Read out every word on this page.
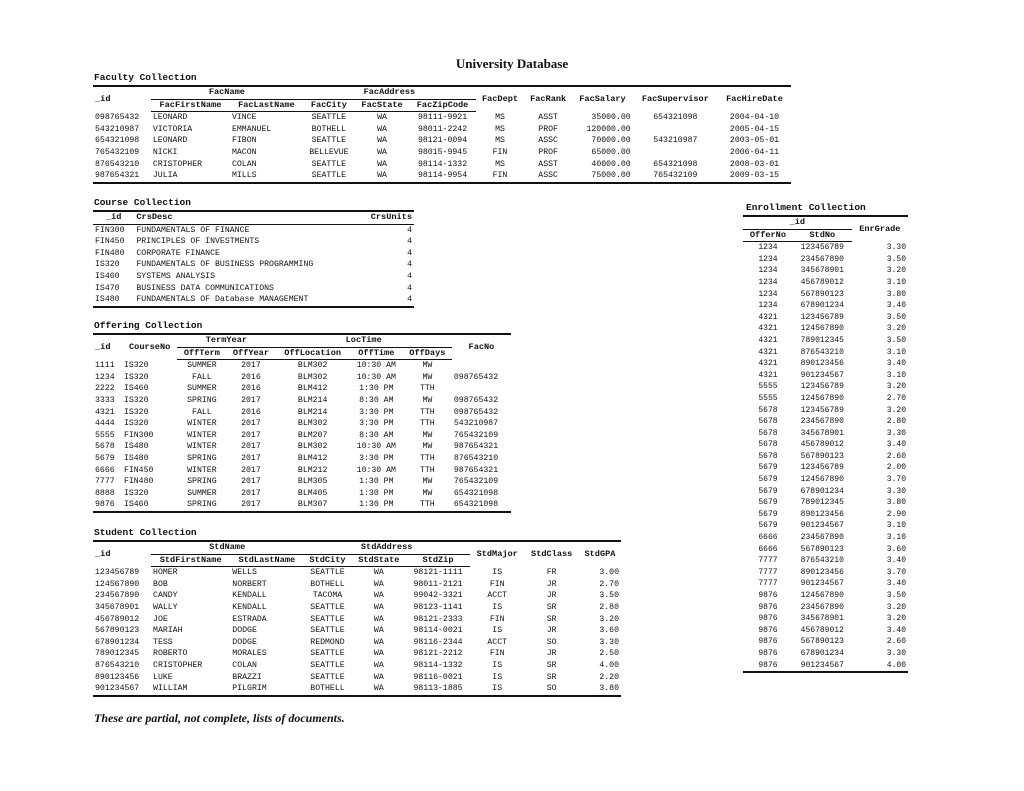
University Database
Faculty Collection
_id	FacName		FacAddress			FacDept	FacRank	FacSalary	FacSupervisor	FacHireDate
	FacFirstName	FacLastName	FacCity	FacState	FacZipCode					
098765432	LEONARD	VINCE	SEATTLE	WA	98111-9921	MS	ASST	35000.00	654321098	2004-04-10
543210987	VICTORIA	EMMANUEL	BOTHELL	WA	98011-2242	MS	PROF	120000.00		2005-04-15
654321098	LEONARD	FIBON	SEATTLE	WA	98121-0094	MS	ASSC	70000.00	543210987	2003-05-01
765432109	NICKI	MACON	BELLEVUE	WA	98015-9945	FIN	PROF	65000.00		2006-04-11
876543210	CRISTOPHER	COLAN	SEATTLE	WA	98114-1332	MS	ASST	40000.00	654321098	2008-03-01
987654321	JULIA	MILLS	SEATTLE	WA	98114-9954	FIN	ASSC	75000.00	765432109	2009-03-15
Course Collection
_id	CrsDesc	CrsUnits
FIN300	FUNDAMENTALS OF FINANCE	4
FIN450	PRINCIPLES OF INVESTMENTS	4
FIN480	CORPORATE FINANCE	4
IS320	FUNDAMENTALS OF BUSINESS PROGRAMMING	4
IS460	SYSTEMS ANALYSIS	4
IS470	BUSINESS DATA COMMUNICATIONS	4
IS480	FUNDAMENTALS OF Database MANAGEMENT	4
Offering Collection
_id	CourseNo	TermYear		LocTime			FacNo
		OffTerm	OffYear	OffLocation	OffTime	OffDays	
1111	IS320	SUMMER	2017	BLM302	10:30 AM	MW	
1234	IS320	FALL	2016	BLM302	10:30 AM	MW	098765432
2222	IS460	SUMMER	2016	BLM412	1:30 PM	TTH	
3333	IS320	SPRING	2017	BLM214	8:30 AM	MW	098765432
4321	IS320	FALL	2016	BLM214	3:30 PM	TTH	098765432
4444	IS320	WINTER	2017	BLM302	3:30 PM	TTH	543210987
5555	FIN300	WINTER	2017	BLM207	8:30 AM	MW	765432109
5678	IS480	WINTER	2017	BLM302	10:30 AM	MW	987654321
5679	IS480	SPRING	2017	BLM412	3:30 PM	TTH	876543210
6666	FIN450	WINTER	2017	BLM212	10:30 AM	TTH	987654321
7777	FIN480	SPRING	2017	BLM305	1:30 PM	MW	765432109
8888	IS320	SUMMER	2017	BLM405	1:30 PM	MW	654321098
9876	IS460	SPRING	2017	BLM307	1:30 PM	TTH	654321098
Student Collection
_id	StdName		StdAddress			StdMajor	StdClass	StdGPA
	StdFirstName	StdLastName	StdCity	StdState	StdZip			
123456789	HOMER	WELLS	SEATTLE	WA	98121-1111	IS	FR	3.00
124567890	BOB	NORBERT	BOTHELL	WA	98011-2121	FIN	JR	2.70
234567890	CANDY	KENDALL	TACOMA	WA	99042-3321	ACCT	JR	3.50
345678901	WALLY	KENDALL	SEATTLE	WA	98123-1141	IS	SR	2.80
456789012	JOE	ESTRADA	SEATTLE	WA	98121-2333	FIN	SR	3.20
567890123	MARIAH	DODGE	SEATTLE	WA	98114-0021	IS	JR	3.60
678901234	TESS	DODGE	REDMOND	WA	98116-2344	ACCT	SO	3.30
789012345	ROBERTO	MORALES	SEATTLE	WA	98121-2212	FIN	JR	2.50
876543210	CRISTOPHER	COLAN	SEATTLE	WA	98114-1332	IS	SR	4.00
890123456	LUKE	BRAZZI	SEATTLE	WA	98116-0021	IS	SR	2.20
901234567	WILLIAM	PILGRIM	BOTHELL	WA	98113-1885	IS	SO	3.80
Enrollment Collection
_id		EnrGrade
OfferNo	StdNo	
1234	123456789	3.30
1234	234567890	3.50
1234	345678901	3.20
1234	456789012	3.10
1234	567890123	3.80
1234	678901234	3.40
4321	123456789	3.50
4321	124567890	3.20
4321	789012345	3.50
4321	876543210	3.10
4321	890123456	3.40
4321	901234567	3.10
5555	123456789	3.20
5555	124567890	2.70
5678	123456789	3.20
5678	234567890	2.80
5678	345678901	3.30
5678	456789012	3.40
5678	567890123	2.60
5679	123456789	2.00
5679	124567890	3.70
5679	678901234	3.30
5679	789012345	3.80
5679	890123456	2.90
5679	901234567	3.10
6666	234567890	3.10
6666	567890123	3.60
7777	876543210	3.40
7777	890123456	3.70
7777	901234567	3.40
9876	124567890	3.50
9876	234567890	3.20
9876	345678901	3.20
9876	456789012	3.40
9876	567890123	2.60
9876	678901234	3.30
9876	901234567	4.00
These are partial, not complete, lists of documents.
